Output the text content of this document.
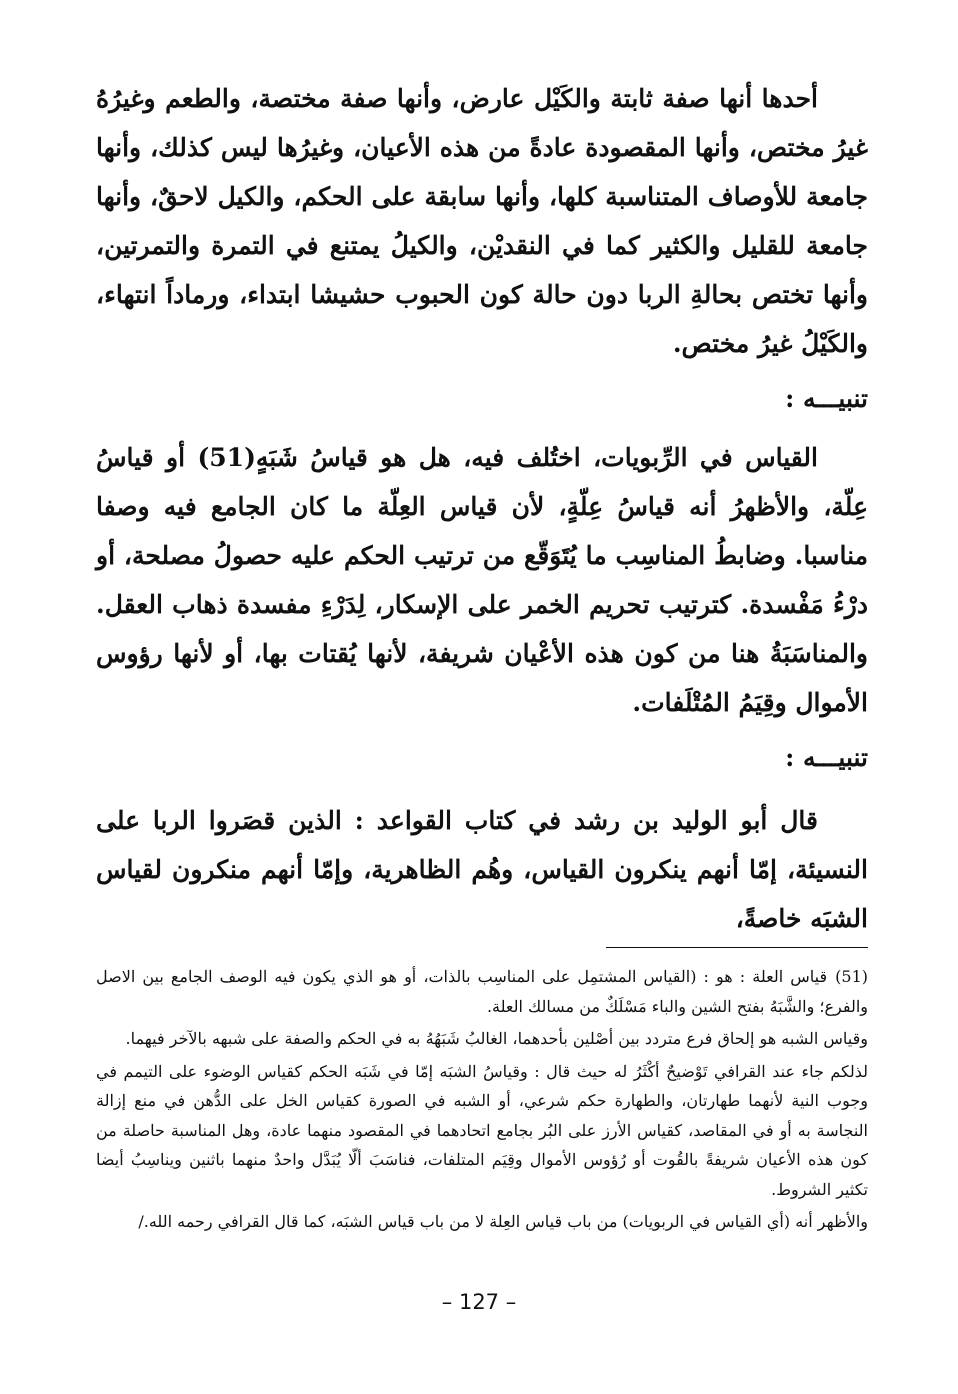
أحدها أنها صفة ثابتة والكَيْل عارض، وأنها صفة مختصة، والطعم وغيرُهُ غيرُ مختص، وأنها المقصودة عادةً من هذه الأعيان، وغيرُها ليس كذلك، وأنها جامعة للأوصاف المتناسبة كلها، وأنها سابقة على الحكم، والكيل لاحقٌ، وأنها جامعة للقليل والكثير كما في النقديْن، والكيلُ يمتنع في التمرة والتمرتين، وأنها تختص بحالةِ الربا دون حالة كون الحبوب حشيشا ابتداء، ورماداً انتهاء، والكَيْلُ غيرُ مختص.

تنبيـــه :

القياس في الرِّبويات، اختُلف فيه، هل هو قياسُ شَبَهٍ(51) أو قياسُ عِلّة، والأظهرُ أنه قياسُ عِلّةٍ، لأن قياس العِلّة ما كان الجامع فيه وصفا مناسبا. وضابطُ المناسِب ما يُتَوَقّع من ترتيب الحكم عليه حصولُ مصلحة، أو درْءُ مَفْسدة. كترتيب تحريم الخمر على الإسكار، لِدَرْءِ مفسدة ذهاب العقل. والمناسَبَةُ هنا من كون هذه الأعْيان شريفة، لأنها يُقتات بها، أو لأنها رؤوس الأموال وقِيَمُ المُتْلَفات.

تنبيـــه :

قال أبو الوليد بن رشد في كتاب القواعد : الذين قصَروا الربا على النسيئة، إمّا أنهم ينكرون القياس، وهُم الظاهرية، وإمّا أنهم منكرون لقياس الشبَه خاصةً،

(51)قياس العلة : هو : (القياس المشتمِل على المناسِب بالذات، أو هو الذي يكون فيه الوصف الجامع بين الاصل والفرع؛ والشَّبَهُ بفتح الشين والباء مَسْلَكٌ من مسالك العلة.

وقياس الشبه هو إلحاق فرع متردد بين أصْلين بأحدهما، الغالبُ شَبَهُهُ به في الحكم والصفة على شبهه بالآخر فيهما.

لذلكم جاء عند القرافي تَوْضيحٌ أكْثَرُ له حيث قال : وقياسُ الشبَه إمّا في شَبَه الحكم كقياس الوضوء على التيمم في وجوب النية لأنهما طهارتان، والطهارة حكم شرعي، أو الشبه في الصورة كقياس الخل على الدُّهن في منع إزالة النجاسة به أو في المقاصد، كقياس الأرز على البُر بجامع اتحادهما في المقصود منهما عادة، وهل المناسبة حاصلة من كون هذه الأعيان شريفةً بالقُوت أو رُؤوس الأموال وقِيَم المتلفات، فناسَبَ ألّا يُبَدَّل واحدٌ منهما باثنين ويناسِبُ أيضا تكثير الشروط.

والأظهر أنه (أي القياس في الربويات) من باب قياس العِلة لا من باب قياس الشبَه، كما قال القرافي رحمه الله./

– 127 –
